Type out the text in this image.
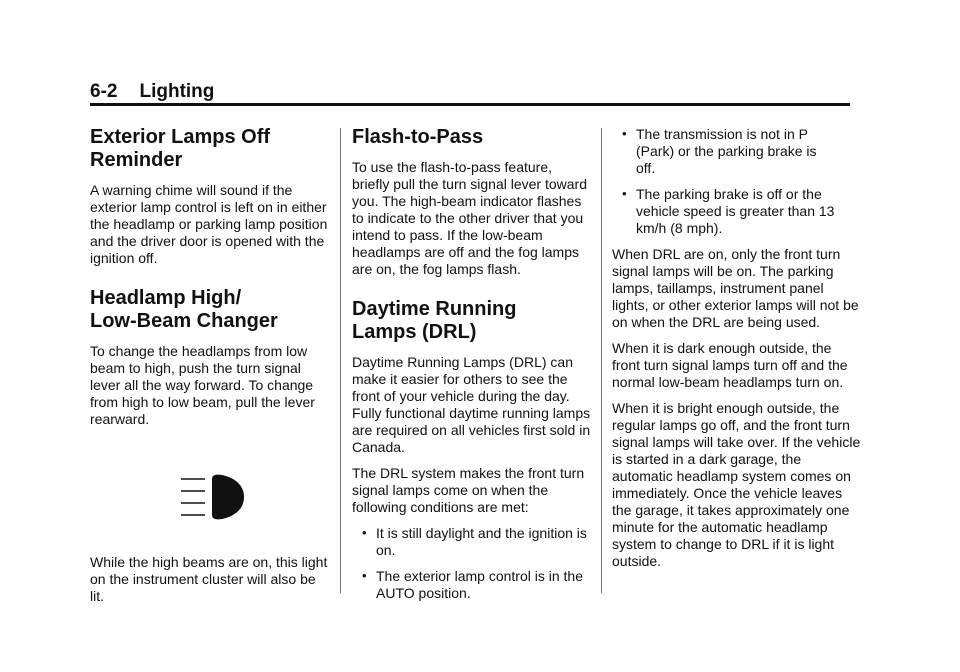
6-2 Lighting
Exterior Lamps Off Reminder

A warning chime will sound if the exterior lamp control is left on in either the headlamp or parking lamp position and the driver door is opened with the ignition off.

Headlamp High/ Low-Beam Changer

To change the headlamps from low beam to high, push the turn signal lever all the way forward. To change from high to low beam, pull the lever rearward.

While the high beams are on, this light on the instrument cluster will also be lit.

Flash-to-Pass

To use the flash-to-pass feature, briefly pull the turn signal lever toward you. The high-beam indicator flashes to indicate to the other driver that you intend to pass. If the low-beam headlamps are off and the fog lamps are on, the fog lamps flash.

Daytime Running Lamps (DRL)

Daytime Running Lamps (DRL) can make it easier for others to see the front of your vehicle during the day. Fully functional daytime running lamps are required on all vehicles first sold in Canada.

The DRL system makes the front turn signal lamps come on when the following conditions are met:

• It is still daylight and the ignition is on.
• The exterior lamp control is in the AUTO position.
• The transmission is not in P (Park) or the parking brake is off.
• The parking brake is off or the vehicle speed is greater than 13 km/h (8 mph).

When DRL are on, only the front turn signal lamps will be on. The parking lamps, taillamps, instrument panel lights, or other exterior lamps will not be on when the DRL are being used.

When it is dark enough outside, the front turn signal lamps turn off and the normal low-beam headlamps turn on.

When it is bright enough outside, the regular lamps go off, and the front turn signal lamps will take over. If the vehicle is started in a dark garage, the automatic headlamp system comes on immediately. Once the vehicle leaves the garage, it takes approximately one minute for the automatic headlamp system to change to DRL if it is light outside.
